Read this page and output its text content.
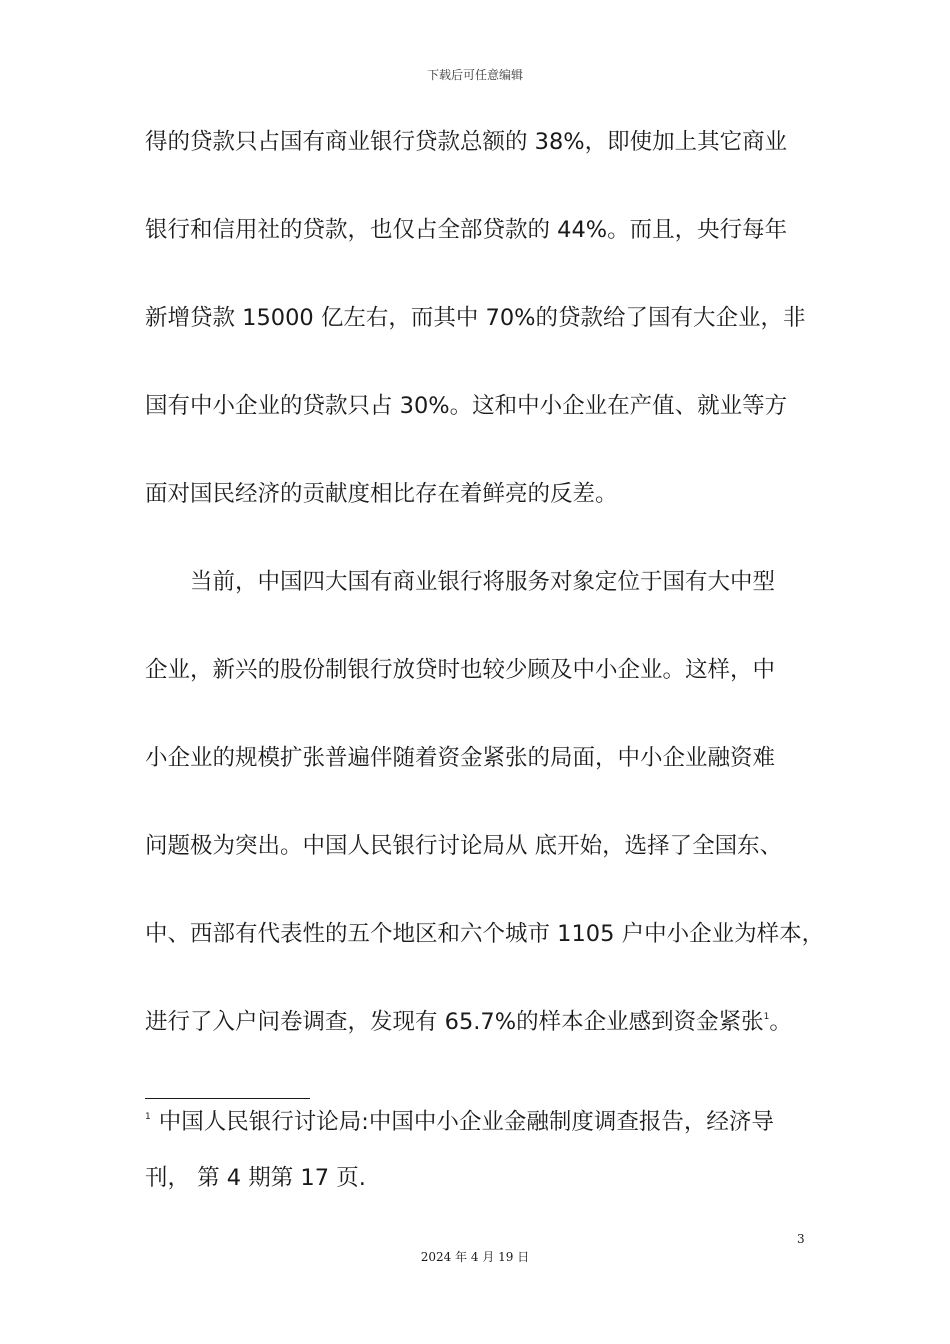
下载后可任意编辑
得的贷款只占国有商业银行贷款总额的 38%，即使加上其它商业
银行和信用社的贷款，也仅占全部贷款的 44%。而且，央行每年
新增贷款 15000 亿左右，而其中 70%的贷款给了国有大企业，非
国有中小企业的贷款只占 30%。这和中小企业在产值、就业等方
面对国民经济的贡献度相比存在着鲜亮的反差。
当前，中国四大国有商业银行将服务对象定位于国有大中型
企业，新兴的股份制银行放贷时也较少顾及中小企业。这样，中
小企业的规模扩张普遍伴随着资金紧张的局面，中小企业融资难
问题极为突出。中国人民银行讨论局从 底开始，选择了全国东、
中、西部有代表性的五个地区和六个城市 1105 户中小企业为样本，
进行了入户问卷调查，发现有 65.7%的样本企业感到资金紧张$^1$。
$^1$ 中国人民银行讨论局:中国中小企业金融制度调查报告，经济导
刊， 第 4 期第 17 页.
3
2024 年 4 月 19 日
